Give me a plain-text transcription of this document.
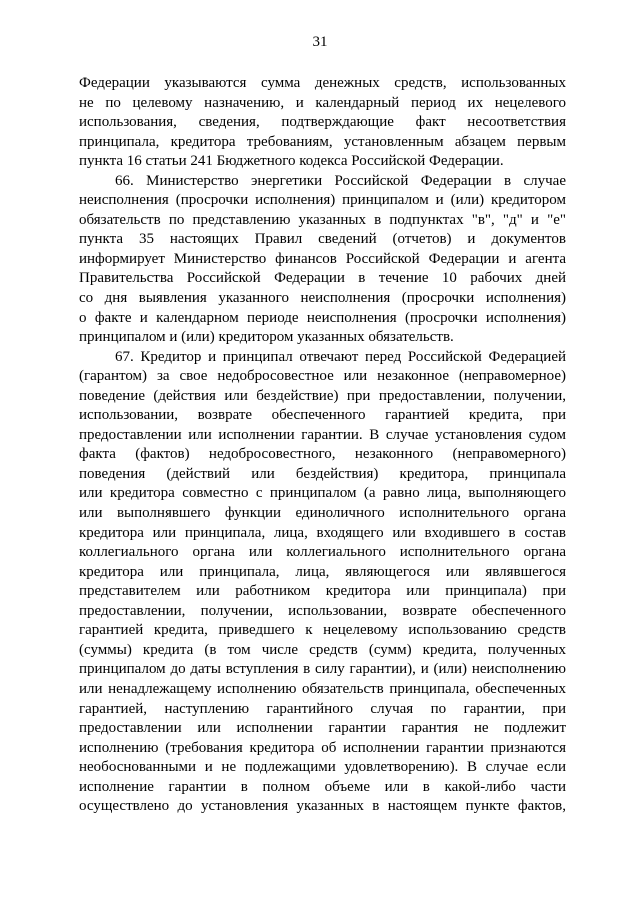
31
Федерации указываются сумма денежных средств, использованных
не по целевому назначению, и календарный период их нецелевого
использования, сведения, подтверждающие факт несоответствия
принципала, кредитора требованиям, установленным абзацем первым
пункта 16 статьи 241 Бюджетного кодекса Российской Федерации.
66. Министерство энергетики Российской Федерации в случае
неисполнения (просрочки исполнения) принципалом и (или) кредитором
обязательств по представлению указанных в подпунктах "в", "д" и "е"
пункта 35 настоящих Правил сведений (отчетов) и документов
информирует Министерство финансов Российской Федерации и агента
Правительства Российской Федерации в течение 10 рабочих дней
со дня выявления указанного неисполнения (просрочки исполнения)
о факте и календарном периоде неисполнения (просрочки исполнения)
принципалом и (или) кредитором указанных обязательств.
67. Кредитор и принципал отвечают перед Российской Федерацией
(гарантом) за свое недобросовестное или незаконное (неправомерное)
поведение (действия или бездействие) при предоставлении, получении,
использовании, возврате обеспеченного гарантией кредита, при
предоставлении или исполнении гарантии. В случае установления судом
факта (фактов) недобросовестного, незаконного (неправомерного)
поведения (действий или бездействия) кредитора, принципала
или кредитора совместно с принципалом (а равно лица, выполняющего
или выполнявшего функции единоличного исполнительного органа
кредитора или принципала, лица, входящего или входившего в состав
коллегиального органа или коллегиального исполнительного органа
кредитора или принципала, лица, являющегося или являвшегося
представителем или работником кредитора или принципала) при
предоставлении, получении, использовании, возврате обеспеченного
гарантией кредита, приведшего к нецелевому использованию средств
(суммы) кредита (в том числе средств (сумм) кредита, полученных
принципалом до даты вступления в силу гарантии), и (или) неисполнению
или ненадлежащему исполнению обязательств принципала, обеспеченных
гарантией, наступлению гарантийного случая по гарантии, при
предоставлении или исполнении гарантии гарантия не подлежит
исполнению (требования кредитора об исполнении гарантии признаются
необоснованными и не подлежащими удовлетворению). В случае если
исполнение гарантии в полном объеме или в какой-либо части
осуществлено до установления указанных в настоящем пункте фактов,
